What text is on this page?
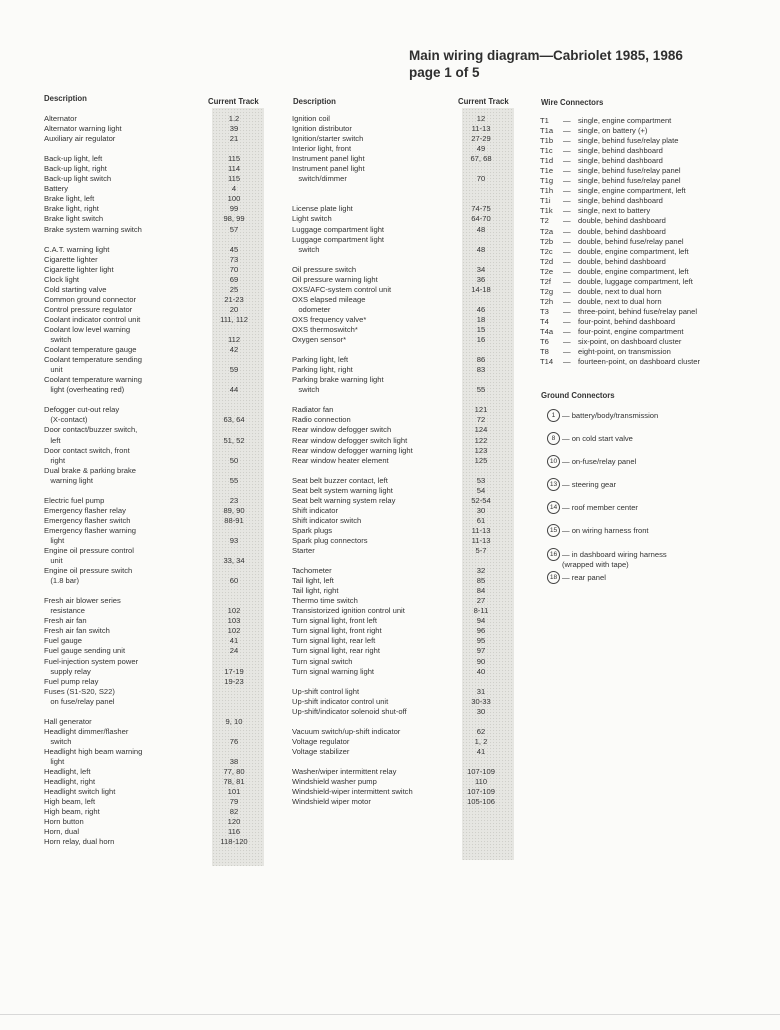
Main wiring diagram—Cabriolet 1985, 1986
page 1 of 5
Description	Current Track	Description	Current Track	Wire Connectors
Alternator	1.2
Alternator warning light	39
Auxiliary air regulator	21
Back-up light, left	115
Back-up light, right	114
Back-up light switch	115
Battery	4
Brake light, left	100
Brake light, right	99
Brake light switch	98, 99
Brake system warning switch	57
C.A.T. warning light	45
Cigarette lighter	73
Cigarette lighter light	70
Clock light	69
Cold starting valve	25
Common ground connector	21-23
Control pressure regulator	20
Coolant indicator control unit	111, 112
Coolant low level warning
switch	112
Coolant temperature gauge	42
Coolant temperature sending
unit	59
Coolant temperature warning
light (overheating red)	44
Defogger cut-out relay
(X-contact)	63, 64
Door contact/buzzer switch,
left	51, 52
Door contact switch, front
right	50
Dual brake & parking brake
warning light	55
Electric fuel pump	23
Emergency flasher relay	89, 90
Emergency flasher switch	88-91
Emergency flasher warning
light	93
Engine oil pressure control
unit	33, 34
Engine oil pressure switch
(1.8 bar)	60
Fresh air blower series
resistance	102
Fresh air fan	103
Fresh air fan switch	102
Fuel gauge	41
Fuel gauge sending unit	24
Fuel-injection system power
supply relay	17-19
Fuel pump relay	19-23
Fuses (S1-S20, S22)
on fuse/relay panel
Hall generator	9, 10
Headlight dimmer/flasher
switch	76
Headlight high beam warning
light	38
Headlight, left	77, 80
Headlight, right	78, 81
Headlight switch light	101
High beam, left	79
High beam, right	82
Horn button	120
Horn, dual	116
Horn relay, dual horn	118-120
Ignition coil	12
Ignition distributor	11-13
Ignition/starter switch	27-29
Interior light, front	49
Instrument panel light	67, 68
Instrument panel light
switch/dimmer	70
License plate light	74-75
Light switch	64-70
Luggage compartment light	48
Luggage compartment light
switch	48
Oil pressure switch	34
Oil pressure warning light	36
OXS/AFC-system control unit	14-18
OXS elapsed mileage
odometer	46
OXS frequency valve*	18
OXS thermoswitch*	15
Oxygen sensor*	16
Parking light, left	86
Parking light, right	83
Parking brake warning light
switch	55
Radiator fan	121
Radio connection	72
Rear window defogger switch	124
Rear window defogger switch light	122
Rear window defogger warning light	123
Rear window heater element	125
Seat belt buzzer contact, left	53
Seat belt system warning light	54
Seat belt warning system relay	52-54
Shift indicator	30
Shift indicator switch	61
Spark plugs	11-13
Spark plug connectors	11-13
Starter	5-7
Tachometer	32
Tail light, left	85
Tail light, right	84
Thermo time switch	27
Transistorized ignition control unit	8-11
Turn signal light, front left	94
Turn signal light, front right	96
Turn signal light, rear left	95
Turn signal light, rear right	97
Turn signal switch	90
Turn signal warning light	40
Up-shift control light	31
Up-shift indicator control unit	30-33
Up-shift/indicator solenoid shut-off	30
Vacuum switch/up-shift indicator	62
Voltage regulator	1, 2
Voltage stabilizer	41
Washer/wiper intermittent relay	107-109
Windshield washer pump	110
Windshield-wiper intermittent switch	107-109
Windshield wiper motor	105-106
T1 — single, engine compartment
T1a — single, on battery (+)
T1b — single, behind fuse/relay plate
T1c — single, behind dashboard
T1d — single, behind dashboard
T1e — single, behind fuse/relay panel
T1g — single, behind fuse/relay panel
T1h — single, engine compartment, left
T1i — single, behind dashboard
T1k — single, next to battery
T2 — double, behind dashboard
T2a — double, behind dashboard
T2b — double, behind fuse/relay panel
T2c — double, engine compartment, left
T2d — double, behind dashboard
T2e — double, engine compartment, left
T2f — double, luggage compartment, left
T2g — double, next to dual horn
T2h — double, next to dual horn
T3 — three-point, behind fuse/relay panel
T4 — four-point, behind dashboard
T4a — four-point, engine compartment
T6 — six-point, on dashboard cluster
T8 — eight-point, on transmission
T14 — fourteen-point, on dashboard cluster
Ground Connectors
1 — battery/body/transmission
8 — on cold start valve
10 — on-fuse/relay panel
13 — steering gear
14 — roof member center
15 — on wiring harness front
16 — in dashboard wiring harness
(wrapped with tape)
18 — rear panel
